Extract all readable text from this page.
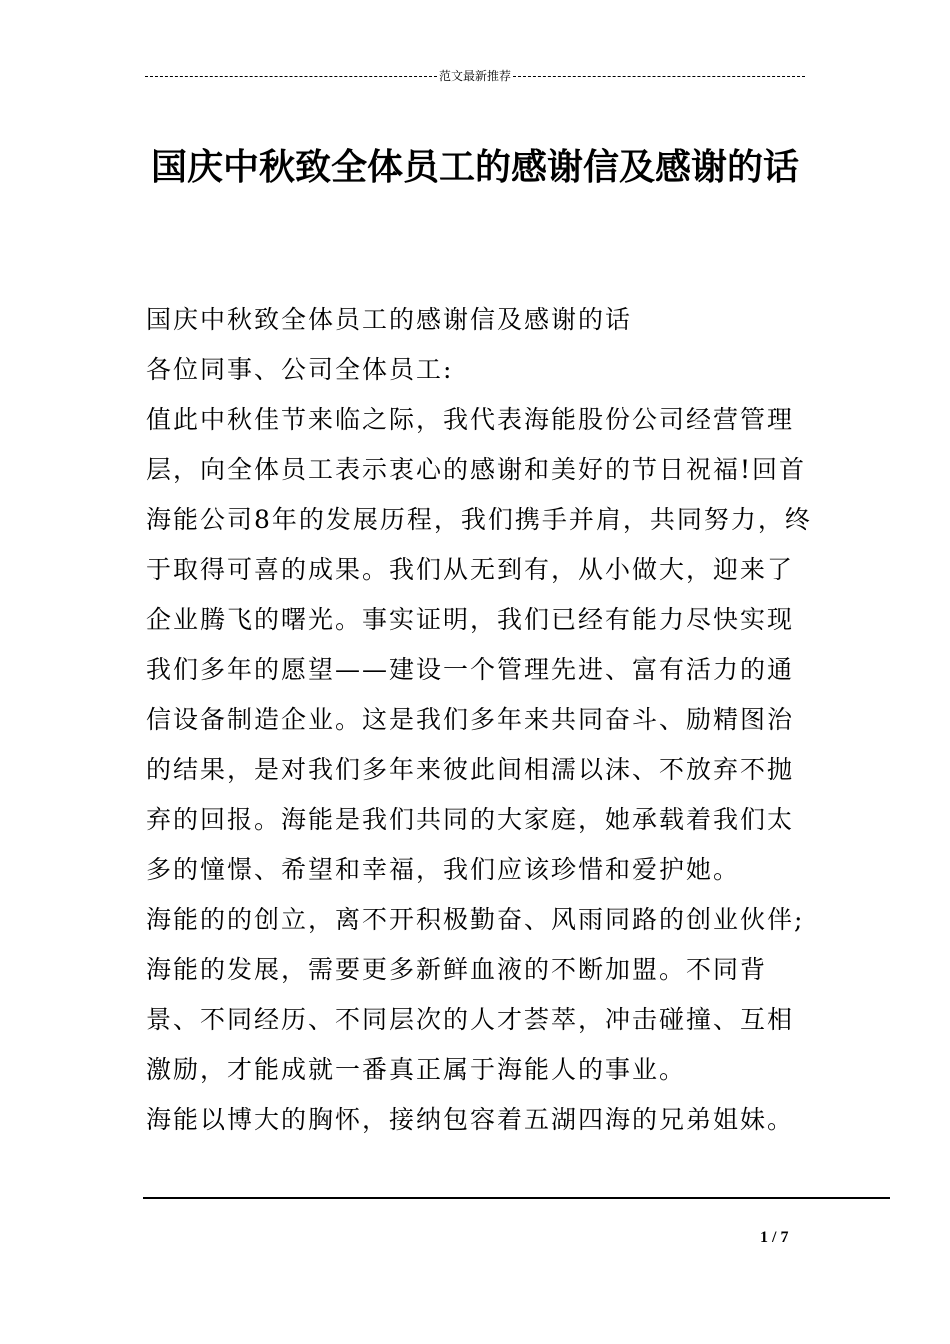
范文最新推荐
国庆中秋致全体员工的感谢信及感谢的话

国庆中秋致全体员工的感谢信及感谢的话

各位同事、公司全体员工:

值此中秋佳节来临之际，我代表海能股份公司经营管理层，向全体员工表示衷心的感谢和美好的节日祝福!回首海能公司8年的发展历程，我们携手并肩，共同努力，终于取得可喜的成果。我们从无到有，从小做大，迎来了企业腾飞的曙光。事实证明，我们已经有能力尽快实现我们多年的愿望——建设一个管理先进、富有活力的通信设备制造企业。这是我们多年来共同奋斗、励精图治的结果，是对我们多年来彼此间相濡以沫、不放弃不抛弃的回报。海能是我们共同的大家庭，她承载着我们太多的憧憬、希望和幸福，我们应该珍惜和爱护她。

海能的的创立，离不开积极勤奋、风雨同路的创业伙伴;海能的发展，需要更多新鲜血液的不断加盟。不同背景、不同经历、不同层次的人才荟萃，冲击碰撞、互相激励，才能成就一番真正属于海能人的事业。

海能以博大的胸怀，接纳包容着五湖四海的兄弟姐妹。

1 / 7
